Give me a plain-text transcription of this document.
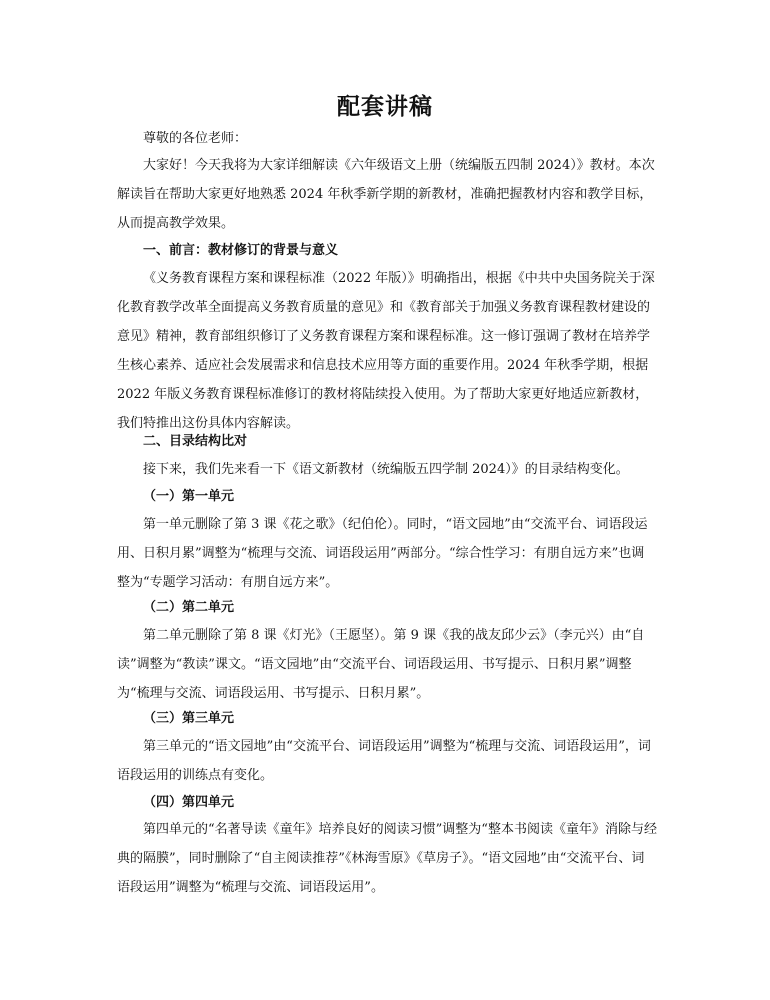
配套讲稿

尊敬的各位老师：

大家好！今天我将为大家详细解读《六年级语文上册（统编版五四制 2024）》教材。本次解读旨在帮助大家更好地熟悉 2024 年秋季新学期的新教材，准确把握教材内容和教学目标，从而提高教学效果。

一、前言：教材修订的背景与意义

《义务教育课程方案和课程标准（2022 年版）》明确指出，根据《中共中央国务院关于深化教育教学改革全面提高义务教育质量的意见》和《教育部关于加强义务教育课程教材建设的意见》精神，教育部组织修订了义务教育课程方案和课程标准。这一修订强调了教材在培养学生核心素养、适应社会发展需求和信息技术应用等方面的重要作用。2024 年秋季学期，根据 2022 年版义务教育课程标准修订的教材将陆续投入使用。为了帮助大家更好地适应新教材，我们特推出这份具体内容解读。

二、目录结构比对

接下来，我们先来看一下《语文新教材（统编版五四学制 2024）》的目录结构变化。

（一）第一单元

第一单元删除了第 3 课《花之歌》（纪伯伦）。同时，“语文园地”由“交流平台、词语段运用、日积月累”调整为“梳理与交流、词语段运用”两部分。“综合性学习：有朋自远方来”也调整为“专题学习活动：有朋自远方来”。

（二）第二单元

第二单元删除了第 8 课《灯光》（王愿坚）。第 9 课《我的战友邱少云》（李元兴）由“自读”调整为“教读”课文。“语文园地”由“交流平台、词语段运用、书写提示、日积月累”调整为“梳理与交流、词语段运用、书写提示、日积月累”。

（三）第三单元

第三单元的“语文园地”由“交流平台、词语段运用”调整为“梳理与交流、词语段运用”，词语段运用的训练点有变化。

（四）第四单元

第四单元的“名著导读《童年》培养良好的阅读习惯”调整为“整本书阅读《童年》消除与经典的隔膜”，同时删除了“自主阅读推荐”《林海雪原》《草房子》。“语文园地”由“交流平台、词语段运用”调整为“梳理与交流、词语段运用”。
